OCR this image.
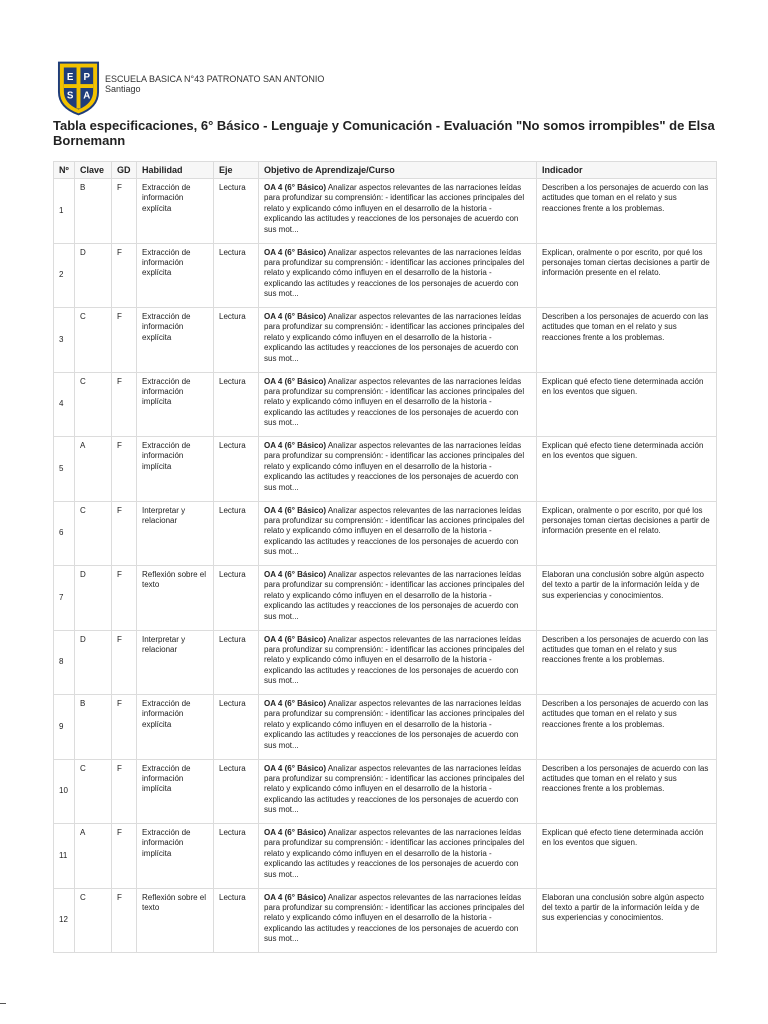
E P
S A
ESCUELA BASICA N°43 PATRONATO SAN ANTONIO
Santiago
Tabla especificaciones, 6° Básico - Lenguaje y Comunicación - Evaluación "No somos irrompibles" de Elsa Bornemann
Nº	Clave	GD	Habilidad	Eje	Objetivo de Aprendizaje/Curso	Indicador
1	B	F	Extracción de información explícita	Lectura	OA 4 (6° Básico) Analizar aspectos relevantes de las narraciones leídas para profundizar su comprensión: - identificar las acciones principales del relato y explicando cómo influyen en el desarrollo de la historia - explicando las actitudes y reacciones de los personajes de acuerdo con sus mot...	Describen a los personajes de acuerdo con las actitudes que toman en el relato y sus reacciones frente a los problemas.
2	D	F	Extracción de información explícita	Lectura	OA 4 (6° Básico) Analizar aspectos relevantes de las narraciones leídas para profundizar su comprensión: - identificar las acciones principales del relato y explicando cómo influyen en el desarrollo de la historia - explicando las actitudes y reacciones de los personajes de acuerdo con sus mot...	Explican, oralmente o por escrito, por qué los personajes toman ciertas decisiones a partir de información presente en el relato.
3	C	F	Extracción de información explícita	Lectura	OA 4 (6° Básico) Analizar aspectos relevantes de las narraciones leídas para profundizar su comprensión: - identificar las acciones principales del relato y explicando cómo influyen en el desarrollo de la historia - explicando las actitudes y reacciones de los personajes de acuerdo con sus mot...	Describen a los personajes de acuerdo con las actitudes que toman en el relato y sus reacciones frente a los problemas.
4	C	F	Extracción de información implícita	Lectura	OA 4 (6° Básico) Analizar aspectos relevantes de las narraciones leídas para profundizar su comprensión: - identificar las acciones principales del relato y explicando cómo influyen en el desarrollo de la historia - explicando las actitudes y reacciones de los personajes de acuerdo con sus mot...	Explican qué efecto tiene determinada acción en los eventos que siguen.
5	A	F	Extracción de información implícita	Lectura	OA 4 (6° Básico) Analizar aspectos relevantes de las narraciones leídas para profundizar su comprensión: - identificar las acciones principales del relato y explicando cómo influyen en el desarrollo de la historia - explicando las actitudes y reacciones de los personajes de acuerdo con sus mot...	Explican qué efecto tiene determinada acción en los eventos que siguen.
6	C	F	Interpretar y relacionar	Lectura	OA 4 (6° Básico) Analizar aspectos relevantes de las narraciones leídas para profundizar su comprensión: - identificar las acciones principales del relato y explicando cómo influyen en el desarrollo de la historia - explicando las actitudes y reacciones de los personajes de acuerdo con sus mot...	Explican, oralmente o por escrito, por qué los personajes toman ciertas decisiones a partir de información presente en el relato.
7	D	F	Reflexión sobre el texto	Lectura	OA 4 (6° Básico) Analizar aspectos relevantes de las narraciones leídas para profundizar su comprensión: - identificar las acciones principales del relato y explicando cómo influyen en el desarrollo de la historia - explicando las actitudes y reacciones de los personajes de acuerdo con sus mot...	Elaboran una conclusión sobre algún aspecto del texto a partir de la información leída y de sus experiencias y conocimientos.
8	D	F	Interpretar y relacionar	Lectura	OA 4 (6° Básico) Analizar aspectos relevantes de las narraciones leídas para profundizar su comprensión: - identificar las acciones principales del relato y explicando cómo influyen en el desarrollo de la historia - explicando las actitudes y reacciones de los personajes de acuerdo con sus mot...	Describen a los personajes de acuerdo con las actitudes que toman en el relato y sus reacciones frente a los problemas.
9	B	F	Extracción de información explícita	Lectura	OA 4 (6° Básico) Analizar aspectos relevantes de las narraciones leídas para profundizar su comprensión: - identificar las acciones principales del relato y explicando cómo influyen en el desarrollo de la historia - explicando las actitudes y reacciones de los personajes de acuerdo con sus mot...	Describen a los personajes de acuerdo con las actitudes que toman en el relato y sus reacciones frente a los problemas.
10	C	F	Extracción de información implícita	Lectura	OA 4 (6° Básico) Analizar aspectos relevantes de las narraciones leídas para profundizar su comprensión: - identificar las acciones principales del relato y explicando cómo influyen en el desarrollo de la historia - explicando las actitudes y reacciones de los personajes de acuerdo con sus mot...	Describen a los personajes de acuerdo con las actitudes que toman en el relato y sus reacciones frente a los problemas.
11	A	F	Extracción de información implícita	Lectura	OA 4 (6° Básico) Analizar aspectos relevantes de las narraciones leídas para profundizar su comprensión: - identificar las acciones principales del relato y explicando cómo influyen en el desarrollo de la historia - explicando las actitudes y reacciones de los personajes de acuerdo con sus mot...	Explican qué efecto tiene determinada acción en los eventos que siguen.
12	C	F	Reflexión sobre el texto	Lectura	OA 4 (6° Básico) Analizar aspectos relevantes de las narraciones leídas para profundizar su comprensión: - identificar las acciones principales del relato y explicando cómo influyen en el desarrollo de la historia - explicando las actitudes y reacciones de los personajes de acuerdo con sus mot...	Elaboran una conclusión sobre algún aspecto del texto a partir de la información leída y de sus experiencias y conocimientos.
